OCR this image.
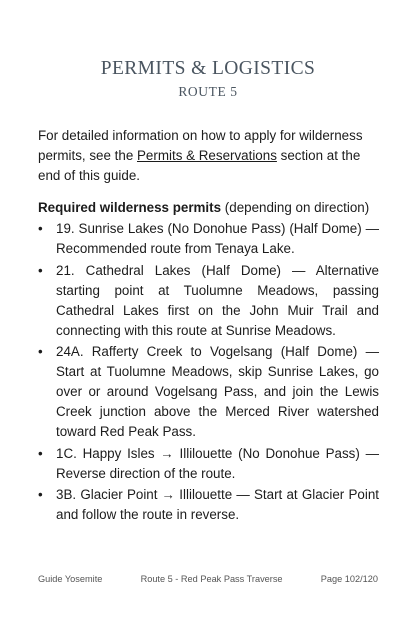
PERMITS & LOGISTICS
ROUTE 5

For detailed information on how to apply for wilderness permits, see the Permits & Reservations section at the end of this guide.

Required wilderness permits (depending on direction)

• 19. Sunrise Lakes (No Donohue Pass) (Half Dome) — Recommended route from Tenaya Lake.
• 21. Cathedral Lakes (Half Dome) — Alternative starting point at Tuolumne Meadows, passing Cathedral Lakes first on the John Muir Trail and connecting with this route at Sunrise Meadows.
• 24A. Rafferty Creek to Vogelsang (Half Dome) — Start at Tuolumne Meadows, skip Sunrise Lakes, go over or around Vogelsang Pass, and join the Lewis Creek junction above the Merced River watershed toward Red Peak Pass.
• 1C. Happy Isles → Illilouette (No Donohue Pass) — Reverse direction of the route.
• 3B. Glacier Point → Illilouette — Start at Glacier Point and follow the route in reverse.
Guide Yosemite	Route 5 - Red Peak Pass Traverse	Page 102/120
